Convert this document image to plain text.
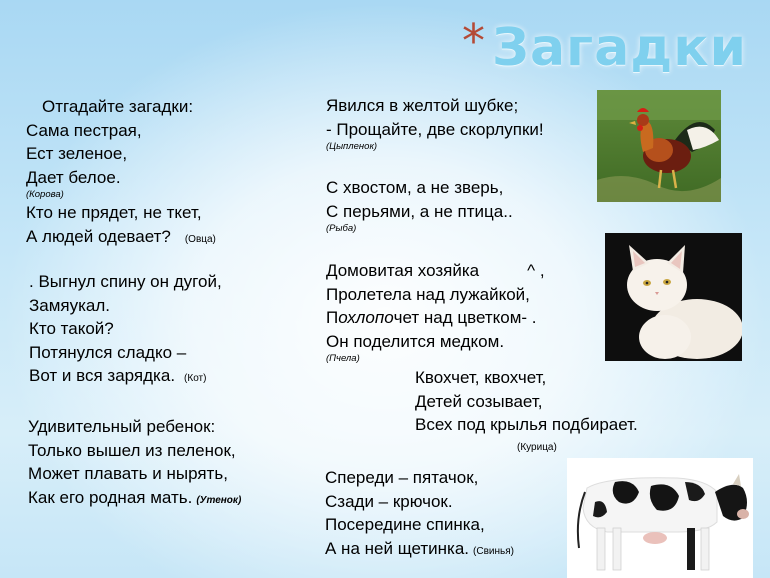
* Загадки
Отгадайте загадки:
Сама пестрая,
Ест зеленое,
Дает белое.
(Корова)
Кто не прядет, не ткет,
А людей одевает? (Овца)
. Выгнул спину он дугой,
Замяукал.
Кто такой?
Потянулся сладко –
Вот и вся зарядка. (Кот)
Удивительный ребенок:
Только вышел из пеленок,
Может плавать и нырять,
Как его родная мать. (Утенок)
Явился в желтой шубке;
- Прощайте, две скорлупки!
(Цыпленок)
С хвостом, а не зверь,
С перьями, а не птица..
(Рыба)
Домовитая хозяйка	^ ,
Пролетела над лужайкой,
Похлопочет над цветком- .
Он поделится медком.
(Пчела)
Квохчет, квохчет,
Детей созывает,
Всех под крылья подбирает.
(Курица)
Спереди – пятачок,
Сзади – крючок.
Посередине спинка,
А на ней щетинка. (Свинья)
